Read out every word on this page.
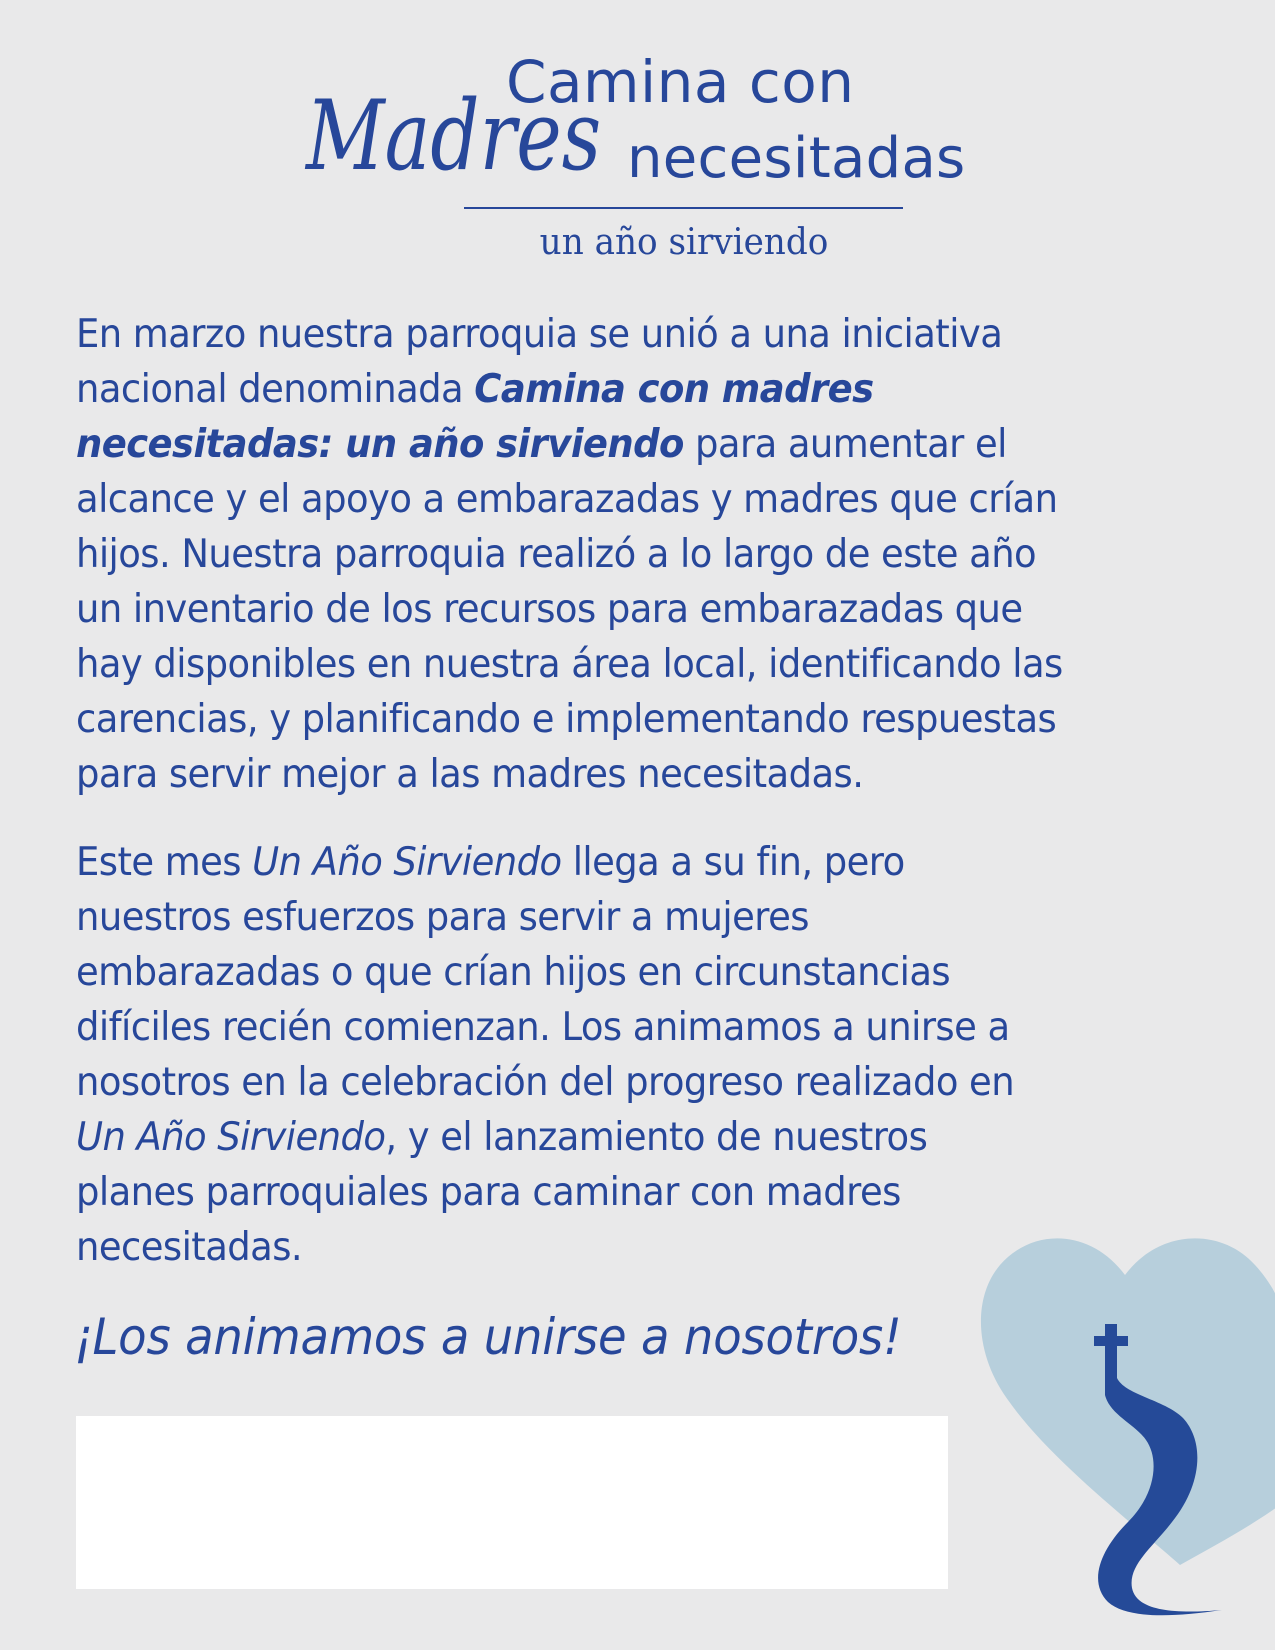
Camina con
Madres necesitadas
un año sirviendo
En marzo nuestra parroquia se unió a una iniciativa
nacional denominada Camina con madres
necesitadas: un año sirviendo para aumentar el
alcance y el apoyo a embarazadas y madres que crían
hijos. Nuestra parroquia realizó a lo largo de este año
un inventario de los recursos para embarazadas que
hay disponibles en nuestra área local, identificando las
carencias, y planificando e implementando respuestas
para servir mejor a las madres necesitadas.
Este mes Un Año Sirviendo llega a su fin, pero
nuestros esfuerzos para servir a mujeres
embarazadas o que crían hijos en circunstancias
difíciles recién comienzan. Los animamos a unirse a
nosotros en la celebración del progreso realizado en
Un Año Sirviendo, y el lanzamiento de nuestros
planes parroquiales para caminar con madres
necesitadas.

¡Los animamos a unirse a nosotros!
